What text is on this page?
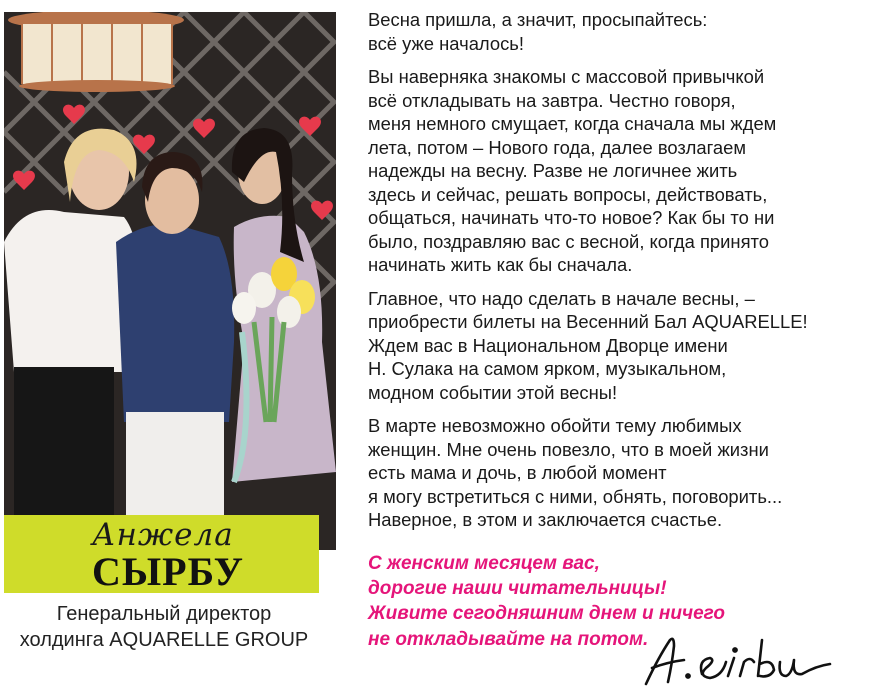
Анжела
СЫРБУ
Генеральный директор
холдинга AQUARELLE GROUP

Весна пришла, а значит, просыпайтесь:
всё уже началось!

Вы наверняка знакомы с массовой привычкой
всё откладывать на завтра. Честно говоря,
меня немного смущает, когда сначала мы ждем
лета, потом – Нового года, далее возлагаем
надежды на весну. Разве не логичнее жить
здесь и сейчас, решать вопросы, действовать,
общаться, начинать что-то новое? Как бы то ни
было, поздравляю вас с весной, когда принято
начинать жить как бы сначала.

Главное, что надо сделать в начале весны, –
приобрести билеты на Весенний Бал AQUARELLE!
Ждем вас в Национальном Дворце имени
Н. Сулака на самом ярком, музыкальном,
модном событии этой весны!

В марте невозможно обойти тему любимых
женщин. Мне очень повезло, что в моей жизни
есть мама и дочь, в любой момент
я могу встретиться с ними, обнять, поговорить...
Наверное, в этом и заключается счастье.

С женским месяцем вас,
дорогие наши читательницы!
Живите сегодняшним днем и ничего
не откладывайте на потом.
